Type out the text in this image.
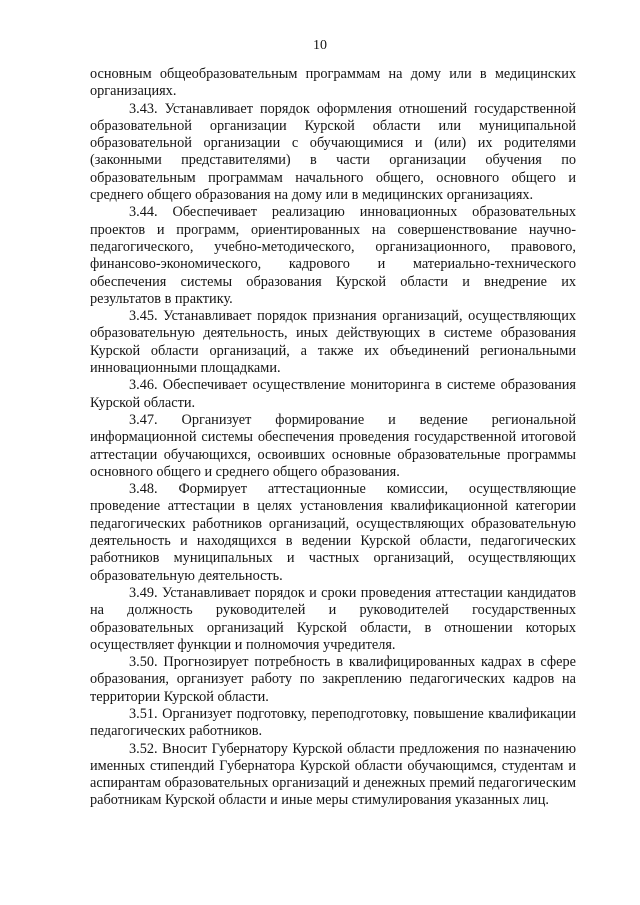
10

основным общеобразовательным программам на дому или в медицинских организациях.

3.43. Устанавливает порядок оформления отношений государственной образовательной организации Курской области или муниципальной образовательной организации с обучающимися и (или) их родителями (законными представителями) в части организации обучения по образовательным программам начального общего, основного общего и среднего общего образования на дому или в медицинских организациях.

3.44. Обеспечивает реализацию инновационных образовательных проектов и программ, ориентированных на совершенствование научно-педагогического, учебно-методического, организационного, правового, финансово-экономического, кадрового и материально-технического обеспечения системы образования Курской области и внедрение их результатов в практику.

3.45. Устанавливает порядок признания организаций, осуществляющих образовательную деятельность, иных действующих в системе образования Курской области организаций, а также их объединений региональными инновационными площадками.

3.46. Обеспечивает осуществление мониторинга в системе образования Курской области.

3.47. Организует формирование и ведение региональной информационной системы обеспечения проведения государственной итоговой аттестации обучающихся, освоивших основные образовательные программы основного общего и среднего общего образования.

3.48. Формирует аттестационные комиссии, осуществляющие проведение аттестации в целях установления квалификационной категории педагогических работников организаций, осуществляющих образовательную деятельность и находящихся в ведении Курской области, педагогических работников муниципальных и частных организаций, осуществляющих образовательную деятельность.

3.49. Устанавливает порядок и сроки проведения аттестации кандидатов на должность руководителей и руководителей государственных образовательных организаций Курской области, в отношении которых осуществляет функции и полномочия учредителя.

3.50. Прогнозирует потребность в квалифицированных кадрах в сфере образования, организует работу по закреплению педагогических кадров на территории Курской области.

3.51. Организует подготовку, переподготовку, повышение квалификации педагогических работников.

3.52. Вносит Губернатору Курской области предложения по назначению именных стипендий Губернатора Курской области обучающимся, студентам и аспирантам образовательных организаций и денежных премий педагогическим работникам Курской области и иные меры стимулирования указанных лиц.
